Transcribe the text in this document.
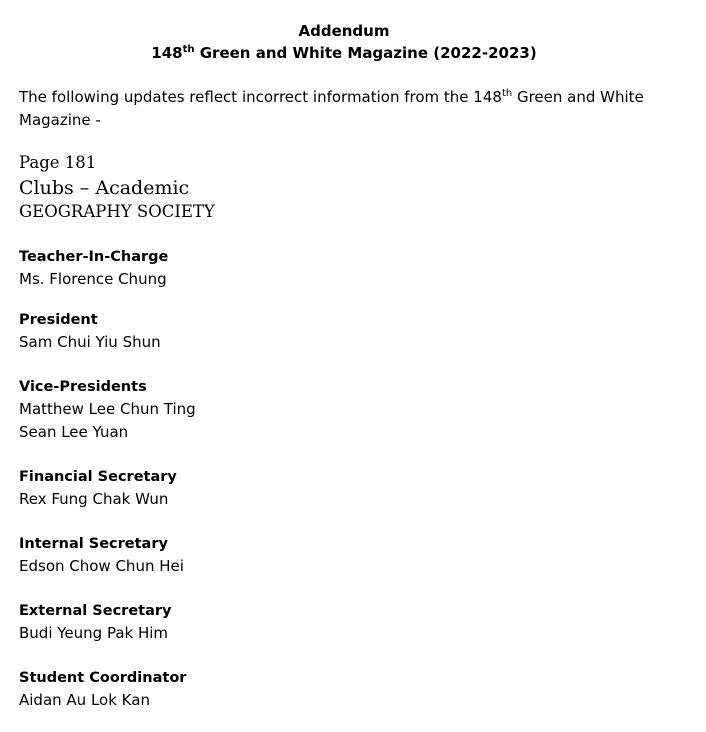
Addendum
148th Green and White Magazine (2022-2023)
The following updates reflect incorrect information from the 148th Green and White Magazine -
Page 181
Clubs – Academic
GEOGRAPHY SOCIETY
Teacher-In-Charge
Ms. Florence Chung
President
Sam Chui Yiu Shun
Vice-Presidents
Matthew Lee Chun Ting
Sean Lee Yuan
Financial Secretary
Rex Fung Chak Wun
Internal Secretary
Edson Chow Chun Hei
External Secretary
Budi Yeung Pak Him
Student Coordinator
Aidan Au Lok Kan
